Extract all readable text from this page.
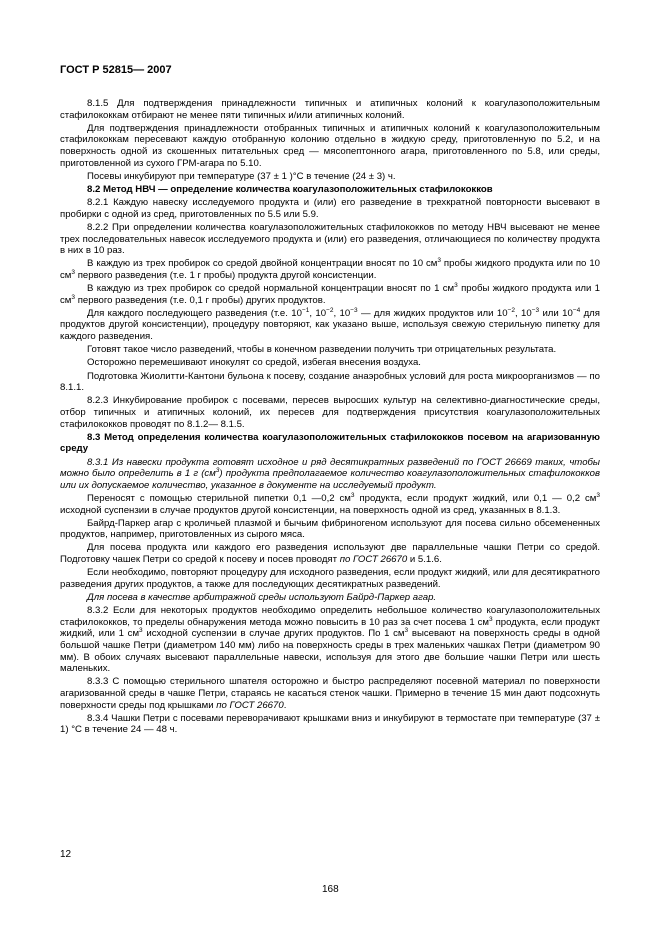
ГОСТ Р 52815— 2007

8.1.5 Для подтверждения принадлежности типичных и атипичных колоний к коагулазоположительным стафилококкам отбирают не менее пяти типичных и/или атипичных колоний.

Для подтверждения принадлежности отобранных типичных и атипичных колоний к коагулазоположительным стафилококкам пересевают каждую отобранную колонию отдельно в жидкую среду, приготовленную по 5.2, и на поверхность одной из скошенных питательных сред — мясопептонного агара, приготовленного по 5.8, или среды, приготовленной из сухого ГРМ-агара по 5.10.

Посевы инкубируют при температуре (37 ± 1 )°С в течение (24 ± 3) ч.

8.2 Метод НВЧ — определение количества коагулазоположительных стафилококков

8.2.1 Каждую навеску исследуемого продукта и (или) его разведение в трехкратной повторности высевают в пробирки с одной из сред, приготовленных по 5.5 или 5.9.

8.2.2 При определении количества коагулазоположительных стафилококков по методу НВЧ высевают не менее трех последовательных навесок исследуемого продукта и (или) его разведения, отличающиеся по количеству продукта в них в 10 раз.

В каждую из трех пробирок со средой двойной концентрации вносят по 10 $см^3$ пробы жидкого продукта или по 10 $см^3$ первого разведения (т.е. 1 г пробы) продукта другой консистенции.

В каждую из трех пробирок со средой нормальной концентрации вносят по 1 $см^3$ пробы жидкого продукта или 1 $см^3$ первого разведения (т.е. 0,1 г пробы) других продуктов.

Для каждого последующего разведения (т.е. $10^{-1}$, $10^{-2}$, $10^{-3}$ — для жидких продуктов или $10^{-2}$, $10^{-3}$ или $10^{-4}$ для продуктов другой консистенции), процедуру повторяют, как указано выше, используя свежую стерильную пипетку для каждого разведения.

Готовят такое число разведений, чтобы в конечном разведении получить три отрицательных результата.

Осторожно перемешивают инокулят со средой, избегая внесения воздуха.

Подготовка Жиолитти-Кантони бульона к посеву, создание анаэробных условий для роста микроорганизмов — по 8.1.1.

8.2.3 Инкубирование пробирок с посевами, пересев выросших культур на селективно-диагностические среды, отбор типичных и атипичных колоний, их пересев для подтверждения присутствия коагулазоположительных стафилококков проводят по 8.1.2— 8.1.5.

8.3 Метод определения количества коагулазоположительных стафилококков посевом на агаризованную среду

8.3.1 Из навески продукта готовят исходное и ряд десятикратных разведений по ГОСТ 26669 таких, чтобы можно было определить в 1 г $(см^3)$ продукта предполагаемое количество коагулазоположительных стафилококков или их допускаемое количество, указанное в документе на исследуемый продукт.

Переносят с помощью стерильной пипетки 0,1 —0,2 $см^3$ продукта, если продукт жидкий, или 0,1 — 0,2 $см^3$ исходной суспензии в случае продуктов другой консистенции, на поверхность одной из сред, указанных в 8.1.3.

Байрд-Паркер агар с кроличьей плазмой и бычьим фибриногеном используют для посева сильно обсемененных продуктов, например, приготовленных из сырого мяса.

Для посева продукта или каждого его разведения используют две параллельные чашки Петри со средой. Подготовку чашек Петри со средой к посеву и посев проводят по ГОСТ 26670 и 5.1.6.

Если необходимо, повторяют процедуру для исходного разведения, если продукт жидкий, или для десятикратного разведения других продуктов, а также для последующих десятикратных разведений.

Для посева в качестве арбитражной среды используют Байрд-Паркер агар.

8.3.2 Если для некоторых продуктов необходимо определить небольшое количество коагулазоположительных стафилококков, то пределы обнаружения метода можно повысить в 10 раз за счет посева 1 $см^3$ продукта, если продукт жидкий, или 1 $см^3$ исходной суспензии в случае других продуктов. По 1 $см^3$ высевают на поверхность среды в одной большой чашке Петри (диаметром 140 мм) либо на поверхность среды в трех маленьких чашках Петри (диаметром 90 мм). В обоих случаях высевают параллельные навески, используя для этого две большие чашки Петри или шесть маленьких.

8.3.3 С помощью стерильного шпателя осторожно и быстро распределяют посевной материал по поверхности агаризованной среды в чашке Петри, стараясь не касаться стенок чашки. Примерно в течение 15 мин дают подсохнуть поверхности среды под крышками по ГОСТ 26670.

8.3.4 Чашки Петри с посевами переворачивают крышками вниз и инкубируют в термостате при температуре (37 ± 1) °С в течение 24 — 48 ч.

12
168
